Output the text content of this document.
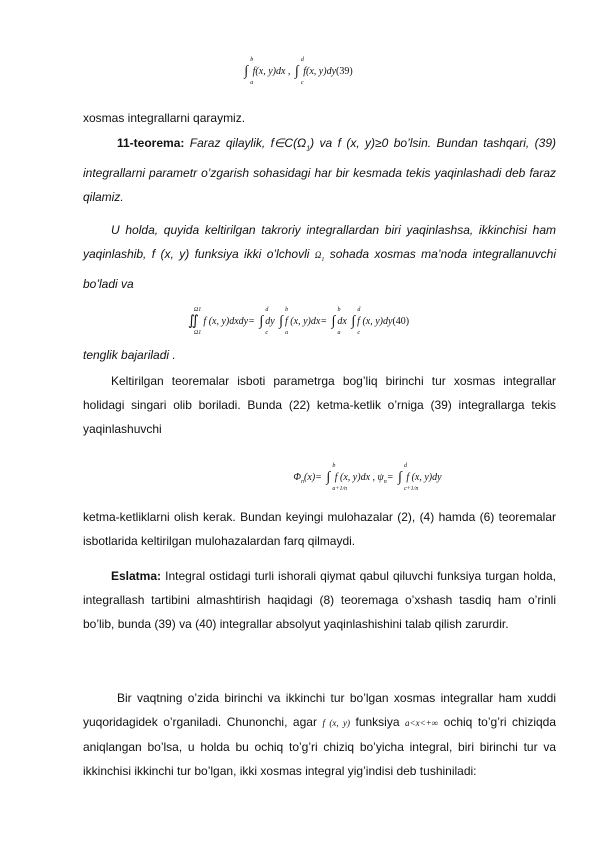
∫
b
a
f(x, y)dx , ∫
d
c
f(x, y)dy(39)
xosmas integrallarni qaraymiz.
11-teorema: Faraz qilaylik, $f\in C(\Omega_1)$ va f (x, y)≥0 bo’lsin. Bundan tashqari, (39) integrallarni parametr o’zgarish sohasidagi har bir kesmada tekis yaqinlashadi deb faraz qilamiz.
U holda, quyida keltirilgan takroriy integrallardan biri yaqinlashsa, ikkinchisi ham yaqinlashib, f (x, y) funksiya ikki o’lchovli $\Omega_1$ sohada xosmas ma’noda integrallanuvchi bo’ladi va
∬
Ω1
Ω1
f (x, y)dxdy= ∫
d
c
dy ∫
b
a
f (x, y)dx= ∫
b
a
dx ∫
d
c
f (x, y)dy(40)
tenglik bajariladi .
Keltirilgan teoremalar isboti parametrga bog’liq birinchi tur xosmas integrallar holidagi singari olib boriladi. Bunda (22) ketma-ketlik o’rniga (39) integrallarga tekis yaqinlashuvchi
$\Phi_n(x)=$ ∫
b
a+1/n
f (x, y)dx , $\psi_n=$ ∫
d
c+1/n
f (x, y)dy
ketma-ketliklarni olish kerak. Bundan keyingi mulohazalar (2), (4) hamda (6) teoremalar isbotlarida keltirilgan mulohazalardan farq qilmaydi.
Eslatma: Integral ostidagi turli ishorali qiymat qabul qiluvchi funksiya turgan holda, integrallash tartibini almashtirish haqidagi (8) teoremaga o’xshash tasdiq ham o’rinli bo’lib, bunda (39) va (40) integrallar absolyut yaqinlashishini talab qilish zarurdir.
Bir vaqtning o’zida birinchi va ikkinchi tur bo’lgan xosmas integrallar ham xuddi yuqoridagidek o’rganiladi. Chunonchi, agar f (x, y) funksiya a<x<+∞ ochiq to’g’ri chiziqda aniqlangan bo’lsa, u holda bu ochiq to’g’ri chiziq bo’yicha integral, biri birinchi tur va ikkinchisi ikkinchi tur bo’lgan, ikki xosmas integral yig’indisi deb tushiniladi:
